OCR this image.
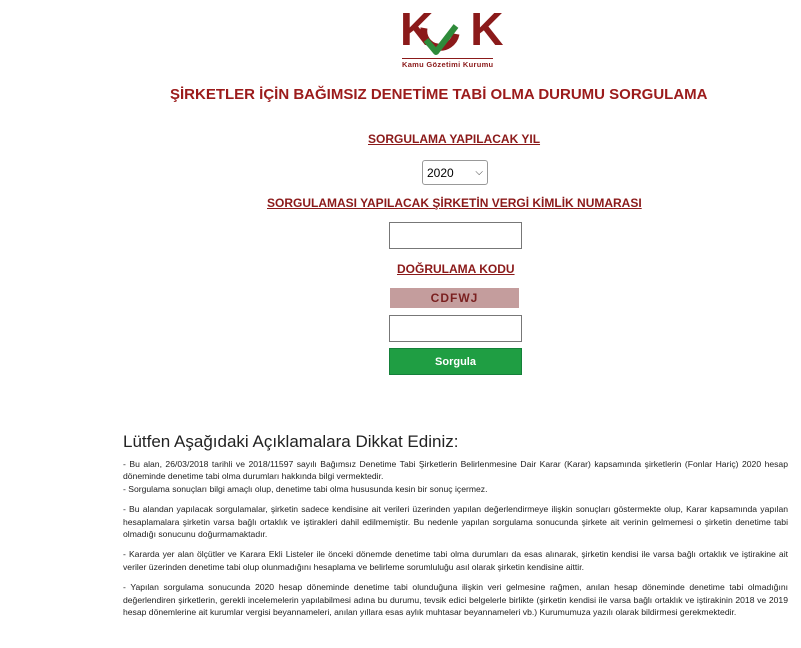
K K
Kamu Gözetimi Kurumu
ŞİRKETLER İÇİN BAĞIMSIZ DENETİME TABİ OLMA DURUMU SORGULAMA
SORGULAMA YAPILACAK YIL
2020 ⌵
SORGULAMASI YAPILACAK ŞİRKETİN VERGİ KİMLİK NUMARASI
DOĞRULAMA KODU
CDFWJ
Sorgula
Lütfen Aşağıdaki Açıklamalara Dikkat Ediniz:

- Bu alan, 26/03/2018 tarihli ve 2018/11597 sayılı Bağımsız Denetime Tabi Şirketlerin Belirlenmesine Dair Karar (Karar) kapsamında şirketlerin (Fonlar Hariç) 2020 hesap döneminde denetime tabi olma durumları hakkında bilgi vermektedir.

- Sorgulama sonuçları bilgi amaçlı olup, denetime tabi olma hususunda kesin bir sonuç içermez.

- Bu alandan yapılacak sorgulamalar, şirketin sadece kendisine ait verileri üzerinden yapılan değerlendirmeye ilişkin sonuçları göstermekte olup, Karar kapsamında yapılan hesaplamalara şirketin varsa bağlı ortaklık ve iştirakleri dahil edilmemiştir. Bu nedenle yapılan sorgulama sonucunda şirkete ait verinin gelmemesi o şirketin denetime tabi olmadığı sonucunu doğurmamaktadır.

- Kararda yer alan ölçütler ve Karara Ekli Listeler ile önceki dönemde denetime tabi olma durumları da esas alınarak, şirketin kendisi ile varsa bağlı ortaklık ve iştirakine ait veriler üzerinden denetime tabi olup olunmadığını hesaplama ve belirleme sorumluluğu asıl olarak şirketin kendisine aittir.

- Yapılan sorgulama sonucunda 2020 hesap döneminde denetime tabi olunduğuna ilişkin veri gelmesine rağmen, anılan hesap döneminde denetime tabi olmadığını değerlendiren şirketlerin, gerekli incelemelerin yapılabilmesi adına bu durumu, tevsik edici belgelerle birlikte (şirketin kendisi ile varsa bağlı ortaklık ve iştirakinin 2018 ve 2019 hesap dönemlerine ait kurumlar vergisi beyannameleri, anılan yıllara esas aylık muhtasar beyannameleri vb.) Kurumumuza yazılı olarak bildirmesi gerekmektedir.
